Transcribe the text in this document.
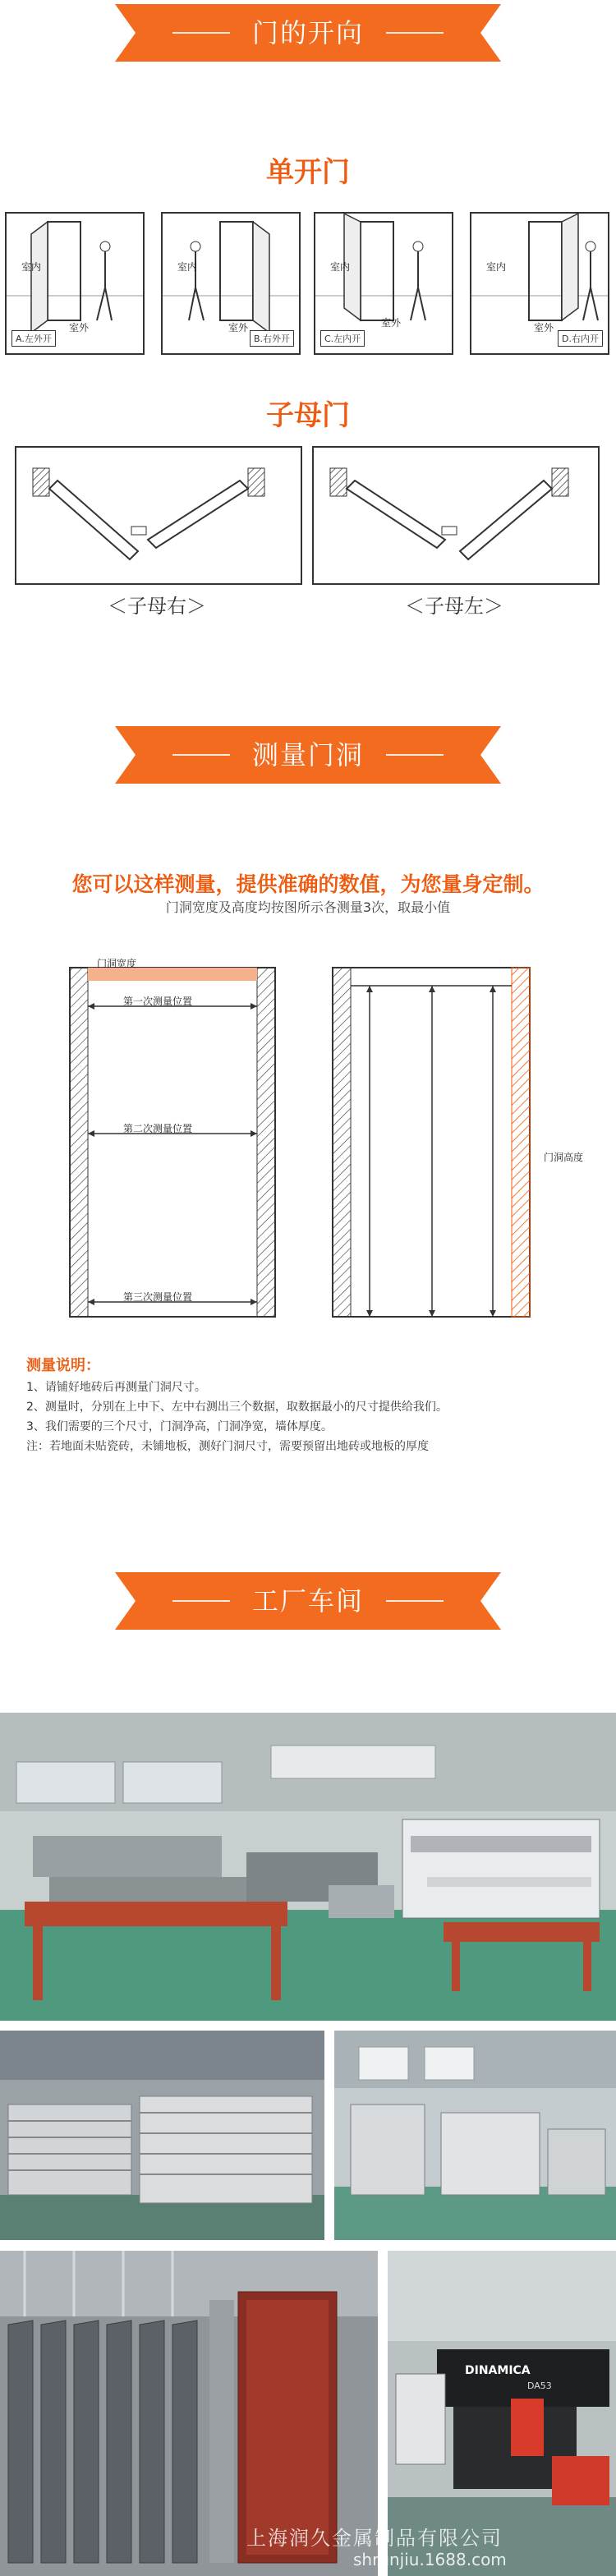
门的开向
单开门
室内
室外
A.左外开
室内
室外
B.右外开
室内
室外
C.左内开
室内
室外
D.右内开
子母门
＜子母右＞	＜子母左＞
测量门洞
您可以这样测量，提供准确的数值，为您量身定制。
门洞宽度及高度均按图所示各测量3次，取最小值
门洞宽度
第一次测量位置
第二次测量位置
第三次测量位置
门洞高度
测量说明：
1、请铺好地砖后再测量门洞尺寸。
2、测量时，分别在上中下、左中右测出三个数据，取数据最小的尺寸提供给我们。
3、我们需要的三个尺寸，门洞净高，门洞净宽，墙体厚度。
注：若地面未贴瓷砖，未铺地板，测好门洞尺寸，需要预留出地砖或地板的厚度
工厂车间
DINAMICA
DA53
上海润久金属制品有限公司
shrunjiu.1688.com
